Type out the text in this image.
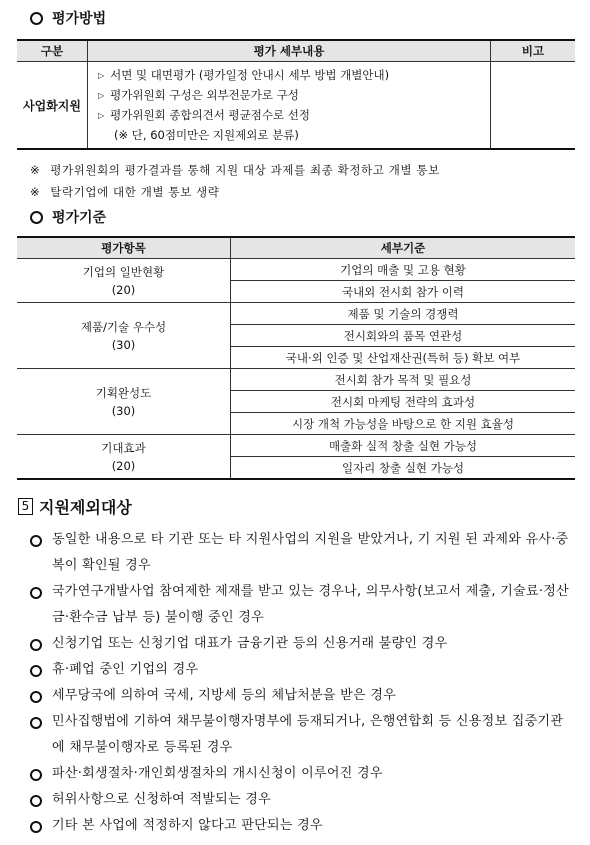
평가방법
구분	평가 세부내용	비고
사업화지원	▷ 서면 및 대면평가 (평가일정 안내시 세부 방법 개별안내)
▷ 평가위원회 구성은 외부전문가로 구성
▷ 평가위원회 종합의견서 평균점수로 선정
(※ 단, 60점미만은 지원제외로 분류)	

※ 평가위원회의 평가결과를 통해 지원 대상 과제를 최종 확정하고 개별 통보
※ 탈락기업에 대한 개별 통보 생략
평가기준
평가항목	세부기준

기업의 일반현황
(20)	기업의 매출 및 고용 현황
	국내외 전시회 참가 이력

제품/기술 우수성
(30)	제품 및 기술의 경쟁력
	전시회와의 품목 연관성
	국내·외 인증 및 산업재산권(특허 등) 확보 여부

기획완성도
(30)	전시회 참가 목적 및 필요성
	전시회 마케팅 전략의 효과성
	시장 개척 가능성을 바탕으로 한 지원 효율성

기대효과
(20)	매출화 실적 창출 실현 가능성
	일자리 창출 실현 가능성
5 지원제외대상
동일한 내용으로 타 기관 또는 타 지원사업의 지원을 받았거나, 기 지원 된 과제와 유사·중복이 확인될 경우
국가연구개발사업 참여제한 제재를 받고 있는 경우나, 의무사항(보고서 제출, 기술료·정산금·환수금 납부 등) 불이행 중인 경우
신청기업 또는 신청기업 대표가 금융기관 등의 신용거래 불량인 경우
휴·폐업 중인 기업의 경우
세무당국에 의하여 국세, 지방세 등의 체납처분을 받은 경우
민사집행법에 기하여 채무불이행자명부에 등재되거나, 은행연합회 등 신용정보 집중기관에 채무불이행자로 등록된 경우
파산·회생절차·개인회생절차의 개시신청이 이루어진 경우
허위사항으로 신청하여 적발되는 경우
기타 본 사업에 적정하지 않다고 판단되는 경우
